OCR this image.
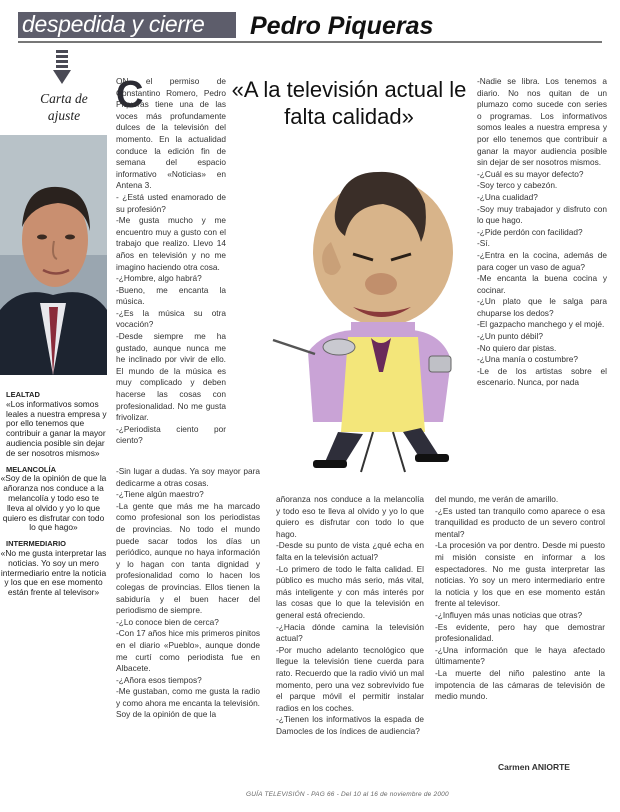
despedida y cierre Pedro Piqueras
Carta de ajuste
LEALTAD
«Los informativos somos leales a nuestra empresa y por ello tenemos que contribuir a ganar la mayor audiencia posible sin dejar de ser nosotros mismos»
MELANCOLÍA
«Soy de la opinión de que la añoranza nos conduce a la melancolía y todo eso te lleva al olvido y yo lo que quiero es disfrutar con todo lo que hago»
INTERMEDIARIO
«No me gusta interpretar las noticias. Yo soy un mero intermediario entre la noticia y los que en ese momento están frente al televisor»
C
ON el permiso de Constantino Romero, Pedro Piqueras tiene una de las voces más profundamente dulces de la televisión del momento. En la actualidad conduce la edición fin de semana del espacio informativo «Noticias» en Antena 3.
- ¿Está usted enamorado de su profesión?
-Me gusta mucho y me encuentro muy a gusto con el trabajo que realizo. Llevo 14 años en televisión y no me imagino haciendo otra cosa.
-¿Hombre, algo habrá?
-Bueno, me encanta la música.
-¿Es la música su otra vocación?
-Desde siempre me ha gustado, aunque nunca me he inclinado por vivir de ello. El mundo de la música es muy complicado y deben hacerse las cosas con profesionalidad. No me gusta frivolizar.
-¿Periodista ciento por ciento?
-Sin lugar a dudas. Ya soy mayor para dedicarme a otras cosas.
-¿Tiene algún maestro?
-La gente que más me ha marcado como profesional son los periodistas de provincias. No todo el mundo puede sacar todos los días un periódico, aunque no haya información y lo hagan con tanta dignidad y profesionalidad como lo hacen los colegas de provincias. Ellos tienen la sabiduría y el buen hacer del periodismo de siempre.
-¿Lo conoce bien de cerca?
-Con 17 años hice mis primeros pinitos en el diario «Pueblo», aunque donde me curtí como periodista fue en Albacete.
-¿Añora esos tiempos?
-Me gustaban, como me gusta la radio y como ahora me encanta la televisión. Soy de la opinión de que la
«A la televisión actual le falta calidad»
añoranza nos conduce a la melancolía y todo eso te lleva al olvido y yo lo que quiero es disfrutar con todo lo que hago.
-Desde su punto de vista ¿qué echa en falta en la televisión actual?
-Lo primero de todo le falta calidad. El público es mucho más serio, más vital, más inteligente y con más interés por las cosas que lo que la televisión en general está ofreciendo.
-¿Hacia dónde camina la televisión actual?
-Por mucho adelanto tecnológico que llegue la televisión tiene cuerda para rato. Recuerdo que la radio vivió un mal momento, pero una vez sobrevivido fue el parque móvil el permitir instalar radios en los coches.
-¿Tienen los informativos la espada de Damocles de los índices de audiencia?
-Nadie se libra. Los tenemos a diario. No nos quitan de un plumazo como sucede con series o programas. Los informativos somos leales a nuestra empresa y por ello tenemos que contribuir a ganar la mayor audiencia posible sin dejar de ser nosotros mismos.
-¿Cuál es su mayor defecto?
-Soy terco y cabezón.
-¿Una cualidad?
-Soy muy trabajador y disfruto con lo que hago.
-¿Pide perdón con facilidad?
-Sí.
-¿Entra en la cocina, además de para coger un vaso de agua?
-Me encanta la buena cocina y cocinar.
-¿Un plato que le salga para chuparse los dedos?
-El gazpacho manchego y el mojé.
-¿Un punto débil?
-No quiero dar pistas.
-¿Una manía o costumbre?
-Le de los artistas sobre el escenario. Nunca, por nada
del mundo, me verán de amarillo.
-¿Es usted tan tranquilo como aparece o esa tranquilidad es producto de un severo control mental?
-La procesión va por dentro. Desde mi puesto mi misión consiste en informar a los espectadores. No me gusta interpretar las noticias. Yo soy un mero intermediario entre la noticia y los que en ese momento están frente al televisor.
-¿Influyen más unas noticias que otras?
-Es evidente, pero hay que demostrar profesionalidad.
-¿Una información que le haya afectado últimamente?
-La muerte del niño palestino ante la impotencia de las cámaras de televisión de medio mundo.
Carmen ANIORTE
GUÍA TELEVISIÓN - PAG 66 - Del 10 al 16 de noviembre de 2000
